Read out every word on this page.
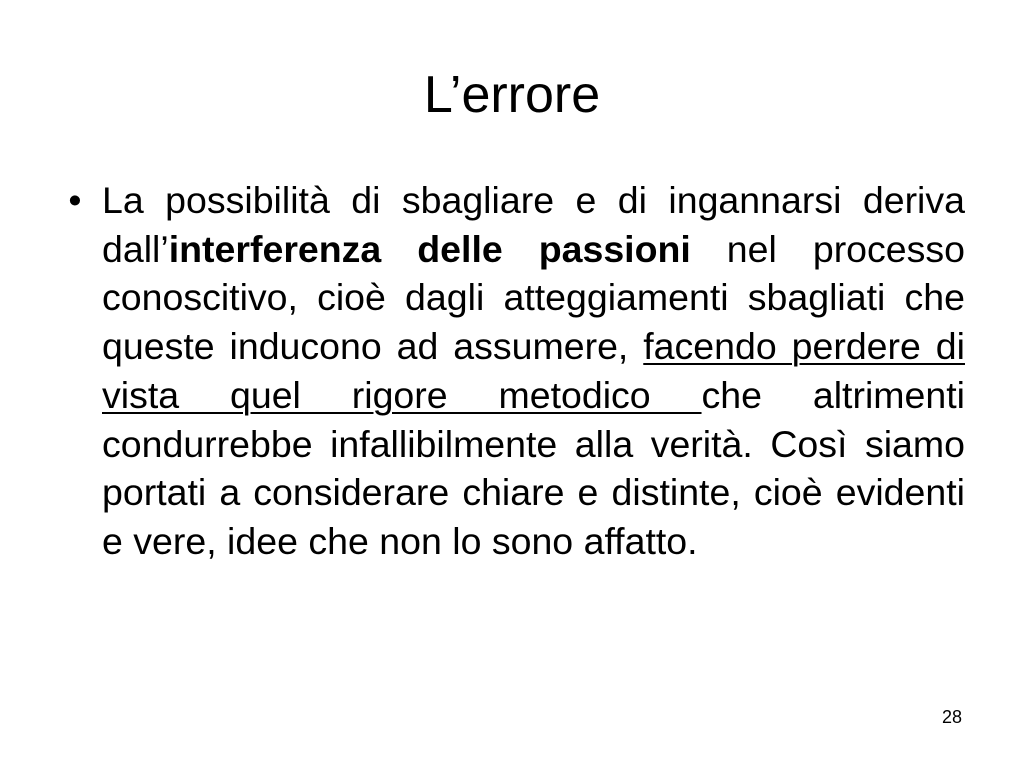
L’errore
• La possibilità di sbagliare e di ingannarsi deriva dall’interferenza delle passioni nel processo conoscitivo, cioè dagli atteggiamenti sbagliati che queste inducono ad assumere, facendo perdere di vista quel rigore metodico che altrimenti condurrebbe infallibilmente alla verità. Così siamo portati a considerare chiare e distinte, cioè evidenti e vere, idee che non lo sono affatto.
28
